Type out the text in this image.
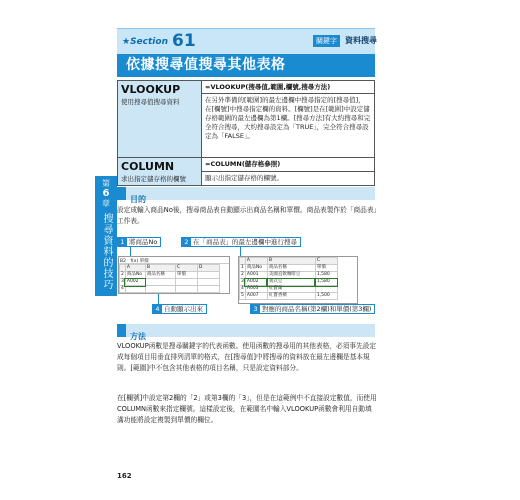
第
6
章
搜尋資料的技巧
★Section 61	關鍵字	資料搜尋
依據搜尋值搜尋其他表格
VLOOKUP
使用搜尋值搜尋資料	=VLOOKUP(搜尋值,範圍,欄號,搜尋方法)
	在另外準備的[範圍]的最左邊欄中搜尋指定的[搜尋值]，在[欄號]中搜尋指定欄的資料。[欄號]是在[範圍]中設定儲存格範圍的最左邊欄為第1欄。[搜尋方法]有大約搜尋和完全符合搜尋，大約搜尋設定為「TRUE」，完全符合搜尋設定為「FALSE」。

COLUMN
求出指定儲存格的欄號	=COLUMN(儲存格參照)
	顯示出指定儲存格的欄號。
目的
設定成輸入商品No後，搜尋商品表自動顯示出商品名稱和單價。商品表製作於「商品表」工作表。
1 將商品No	2 在「商品表」的最左邊欄中進行搜尋
B2　 f(x) 單價
	A	B	C	D
2	商品No	商品名稱	單價	
3	A002			
4				
	A	B	C
1	商品No	商品名稱	單價
2	A001	美國直飲咖啡豆	1,580
3	A002	義式豆	1,580
4	A003	紅寶蘭	
5	A007	紅寶香檳	1,500
4 自動顯示出來	3 對應的商品名稱(第2欄)和單價(第3欄)
方法
VLOOKUP函數是搜尋關鍵字的代表函數。使用函數的搜尋用的其他表格，必須事先設定成每個項目用垂直排列清單的格式，在[搜尋值]中將搜尋的資料放在最左邊欄是基本規則。[範圍]中不包含其他表格的項目名稱，只是設定資料部分。
在[欄號]中設定第2欄的「2」或第3欄的「3」，但是在這範例中不直接設定數值，而使用COLUMN函數來指定欄號。這樣設定後，在範圍名中輸入VLOOKUP函數會利用自動填滿功能將設定複製到單價的欄位。
162
